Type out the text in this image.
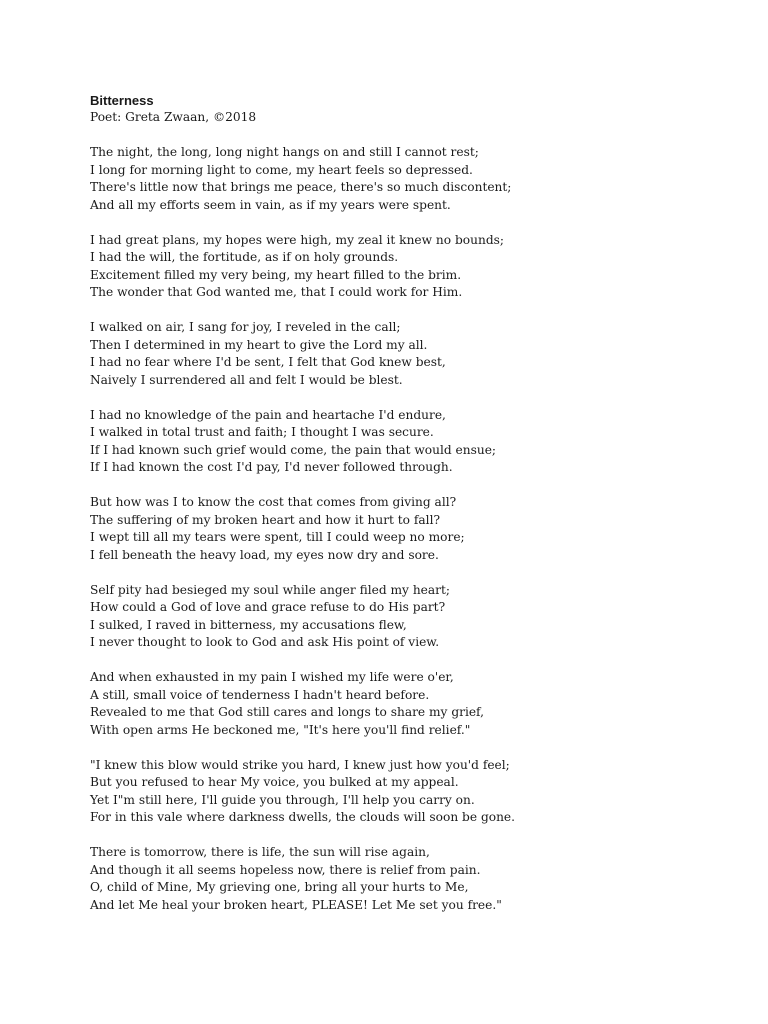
Bitterness

Poet: Greta Zwaan, ©2018

The night, the long, long night hangs on and still I cannot rest;
I long for morning light to come, my heart feels so depressed.
There's little now that brings me peace, there's so much discontent;
And all my efforts seem in vain, as if my years were spent.
I had great plans, my hopes were high, my zeal it knew no bounds;
I had the will, the fortitude, as if on holy grounds.
Excitement filled my very being, my heart filled to the brim.
The wonder that God wanted me, that I could work for Him.
I walked on air, I sang for joy, I reveled in the call;
Then I determined in my heart to give the Lord my all.
I had no fear where I'd be sent, I felt that God knew best,
Naively I surrendered all and felt I would be blest.
I had no knowledge of the pain and heartache I'd endure,
I walked in total trust and faith; I thought I was secure.
If I had known such grief would come, the pain that would ensue;
If I had known the cost I'd pay, I'd never followed through.
But how was I to know the cost that comes from giving all?
The suffering of my broken heart and how it hurt to fall?
I wept till all my tears were spent, till I could weep no more;
I fell beneath the heavy load, my eyes now dry and sore.
Self pity had besieged my soul while anger filed my heart;
How could a God of love and grace refuse to do His part?
I sulked, I raved in bitterness, my accusations flew,
I never thought to look to God and ask His point of view.
And when exhausted in my pain I wished my life were o'er,
A still, small voice of tenderness I hadn't heard before.
Revealed to me that God still cares and longs to share my grief,
With open arms He beckoned me, "It's here you'll find relief."
"I knew this blow would strike you hard, I knew just how you'd feel;
But you refused to hear My voice, you bulked at my appeal.
Yet I"m still here, I'll guide you through, I'll help you carry on.
For in this vale where darkness dwells, the clouds will soon be gone.
There is tomorrow, there is life, the sun will rise again,
And though it all seems hopeless now, there is relief from pain.
O, child of Mine, My grieving one, bring all your hurts to Me,
And let Me heal your broken heart, PLEASE! Let Me set you free."
